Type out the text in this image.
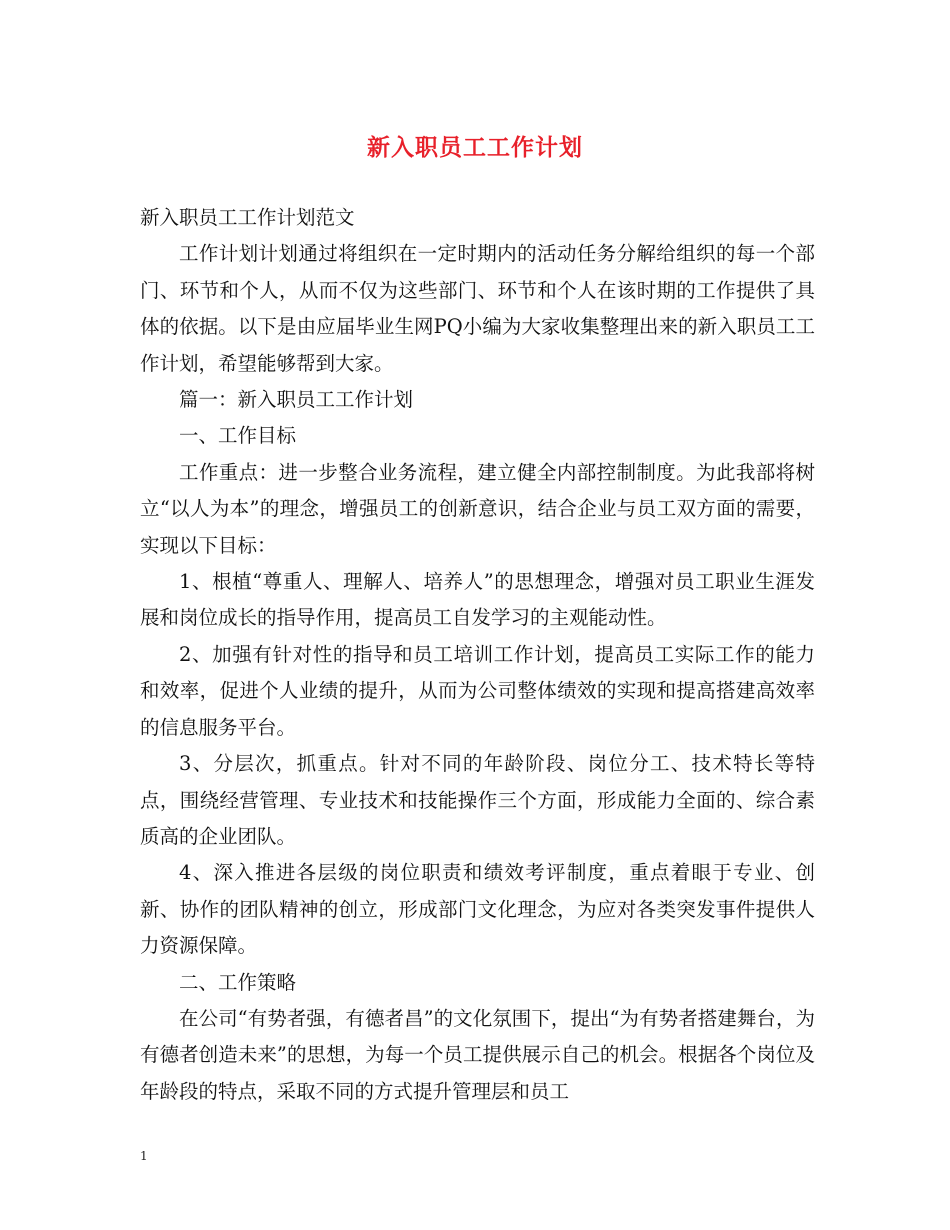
新入职员工工作计划

新入职员工工作计划范文

工作计划计划通过将组织在一定时期内的活动任务分解给组织的每一个部门、环节和个人，从而不仅为这些部门、环节和个人在该时期的工作提供了具体的依据。以下是由应届毕业生网PQ小编为大家收集整理出来的新入职员工工作计划，希望能够帮到大家。

篇一：新入职员工工作计划

一、工作目标

工作重点：进一步整合业务流程，建立健全内部控制制度。为此我部将树立“以人为本”的理念，增强员工的创新意识，结合企业与员工双方面的需要，实现以下目标：

1、根植“尊重人、理解人、培养人”的思想理念，增强对员工职业生涯发展和岗位成长的指导作用，提高员工自发学习的主观能动性。

2、加强有针对性的指导和员工培训工作计划，提高员工实际工作的能力和效率，促进个人业绩的提升，从而为公司整体绩效的实现和提高搭建高效率的信息服务平台。

3、分层次，抓重点。针对不同的年龄阶段、岗位分工、技术特长等特点，围绕经营管理、专业技术和技能操作三个方面，形成能力全面的、综合素质高的企业团队。

4、深入推进各层级的岗位职责和绩效考评制度，重点着眼于专业、创新、协作的团队精神的创立，形成部门文化理念，为应对各类突发事件提供人力资源保障。

二、工作策略

在公司“有势者强，有德者昌”的文化氛围下，提出“为有势者搭建舞台，为有德者创造未来”的思想，为每一个员工提供展示自己的机会。根据各个岗位及年龄段的特点，采取不同的方式提升管理层和员工

1
